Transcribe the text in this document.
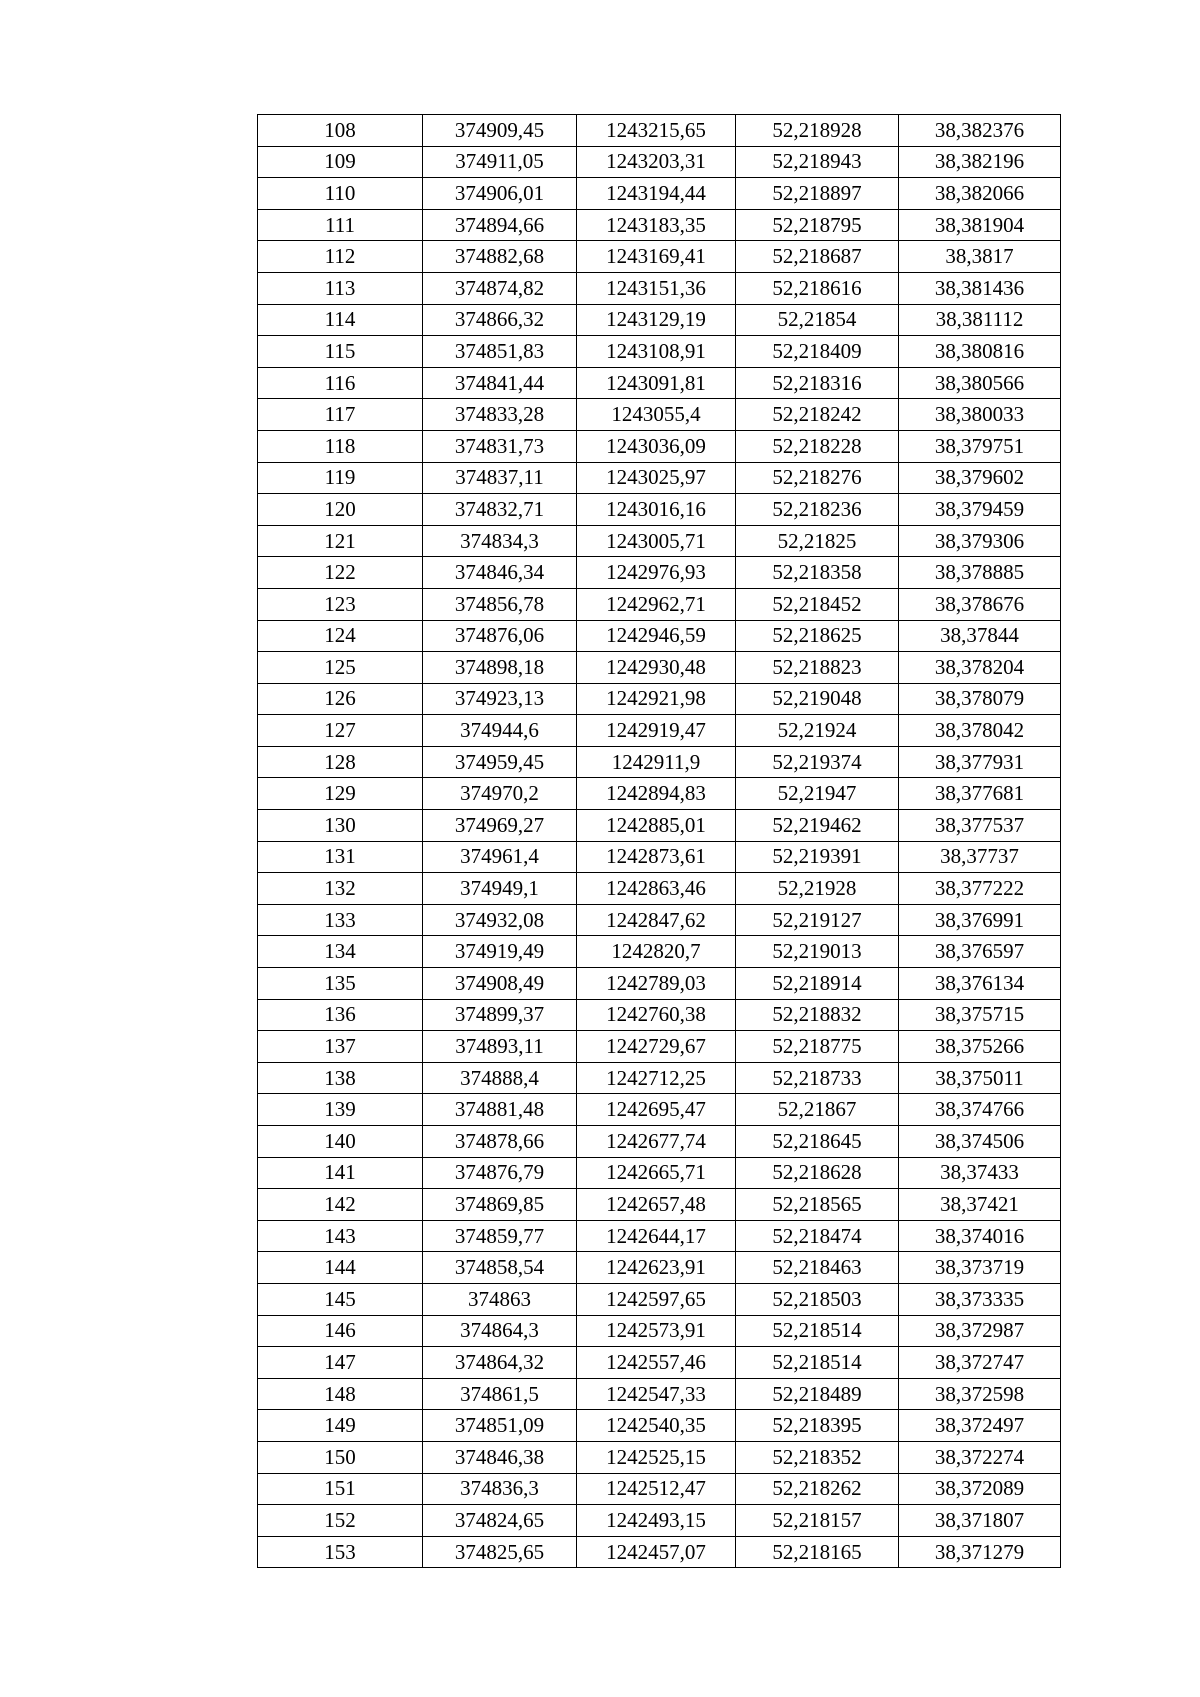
108	374909,45	1243215,65	52,218928	38,382376
109	374911,05	1243203,31	52,218943	38,382196
110	374906,01	1243194,44	52,218897	38,382066
111	374894,66	1243183,35	52,218795	38,381904
112	374882,68	1243169,41	52,218687	38,3817
113	374874,82	1243151,36	52,218616	38,381436
114	374866,32	1243129,19	52,21854	38,381112
115	374851,83	1243108,91	52,218409	38,380816
116	374841,44	1243091,81	52,218316	38,380566
117	374833,28	1243055,4	52,218242	38,380033
118	374831,73	1243036,09	52,218228	38,379751
119	374837,11	1243025,97	52,218276	38,379602
120	374832,71	1243016,16	52,218236	38,379459
121	374834,3	1243005,71	52,21825	38,379306
122	374846,34	1242976,93	52,218358	38,378885
123	374856,78	1242962,71	52,218452	38,378676
124	374876,06	1242946,59	52,218625	38,37844
125	374898,18	1242930,48	52,218823	38,378204
126	374923,13	1242921,98	52,219048	38,378079
127	374944,6	1242919,47	52,21924	38,378042
128	374959,45	1242911,9	52,219374	38,377931
129	374970,2	1242894,83	52,21947	38,377681
130	374969,27	1242885,01	52,219462	38,377537
131	374961,4	1242873,61	52,219391	38,37737
132	374949,1	1242863,46	52,21928	38,377222
133	374932,08	1242847,62	52,219127	38,376991
134	374919,49	1242820,7	52,219013	38,376597
135	374908,49	1242789,03	52,218914	38,376134
136	374899,37	1242760,38	52,218832	38,375715
137	374893,11	1242729,67	52,218775	38,375266
138	374888,4	1242712,25	52,218733	38,375011
139	374881,48	1242695,47	52,21867	38,374766
140	374878,66	1242677,74	52,218645	38,374506
141	374876,79	1242665,71	52,218628	38,37433
142	374869,85	1242657,48	52,218565	38,37421
143	374859,77	1242644,17	52,218474	38,374016
144	374858,54	1242623,91	52,218463	38,373719
145	374863	1242597,65	52,218503	38,373335
146	374864,3	1242573,91	52,218514	38,372987
147	374864,32	1242557,46	52,218514	38,372747
148	374861,5	1242547,33	52,218489	38,372598
149	374851,09	1242540,35	52,218395	38,372497
150	374846,38	1242525,15	52,218352	38,372274
151	374836,3	1242512,47	52,218262	38,372089
152	374824,65	1242493,15	52,218157	38,371807
153	374825,65	1242457,07	52,218165	38,371279
